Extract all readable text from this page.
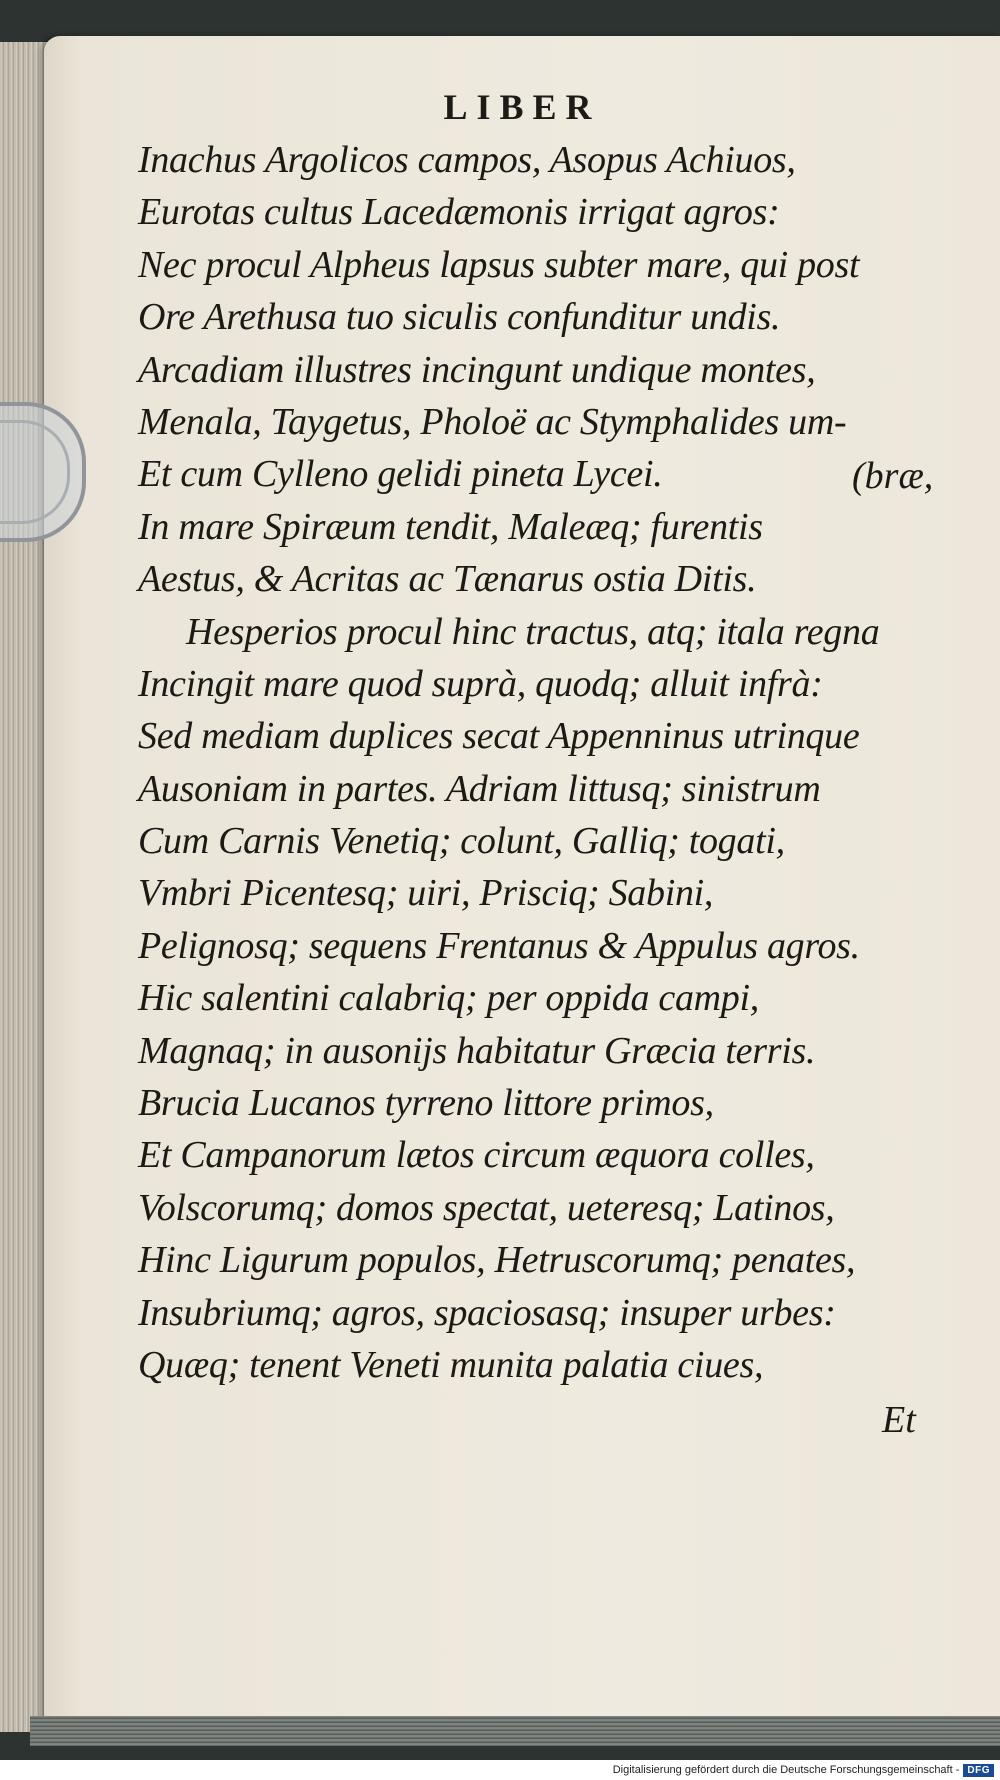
LIBER
Inachus Argolicos campos, Asopus Achiuos,
Eurotas cultus Lacedæmonis irrigat agros:
Nec procul Alpheus lapsus subter mare, qui post
Ore Arethusa tuo siculis confunditur undis.
Arcadiam illustres incingunt undique montes,
Menala, Taygetus, Pholoë ac Stymphalides um-
Et cum Cylleno gelidi pineta Lycei.
In mare Spiræum tendit, Maleæq; furentis
Aestus, & Acritas ac Tænarus ostia Ditis.
Hesperios procul hinc tractus, atq; itala regna
Incingit mare quod suprà, quodq; alluit infrà:
Sed mediam duplices secat Appenninus utrinque
Ausoniam in partes. Adriam littusq; sinistrum
Cum Carnis Venetiq; colunt, Galliq; togati,
Vmbri Picentesq; uiri, Prisciq; Sabini,
Pelignosq; sequens Frentanus & Appulus agros.
Hic salentini calabriq; per oppida campi,
Magnaq; in ausonijs habitatur Græcia terris.
Brucia Lucanos tyrreno littore primos,
Et Campanorum lætos circum æquora colles,
Volscorumq; domos spectat, ueteresq; Latinos,
Hinc Ligurum populos, Hetruscorumq; penates,
Insubriumq; agros, spaciosasq; insuper urbes:
Quæq; tenent Veneti munita palatia ciues,
(bræ,
Et
Digitalisierung gefördert durch die Deutsche Forschungsgemeinschaft - DFG
